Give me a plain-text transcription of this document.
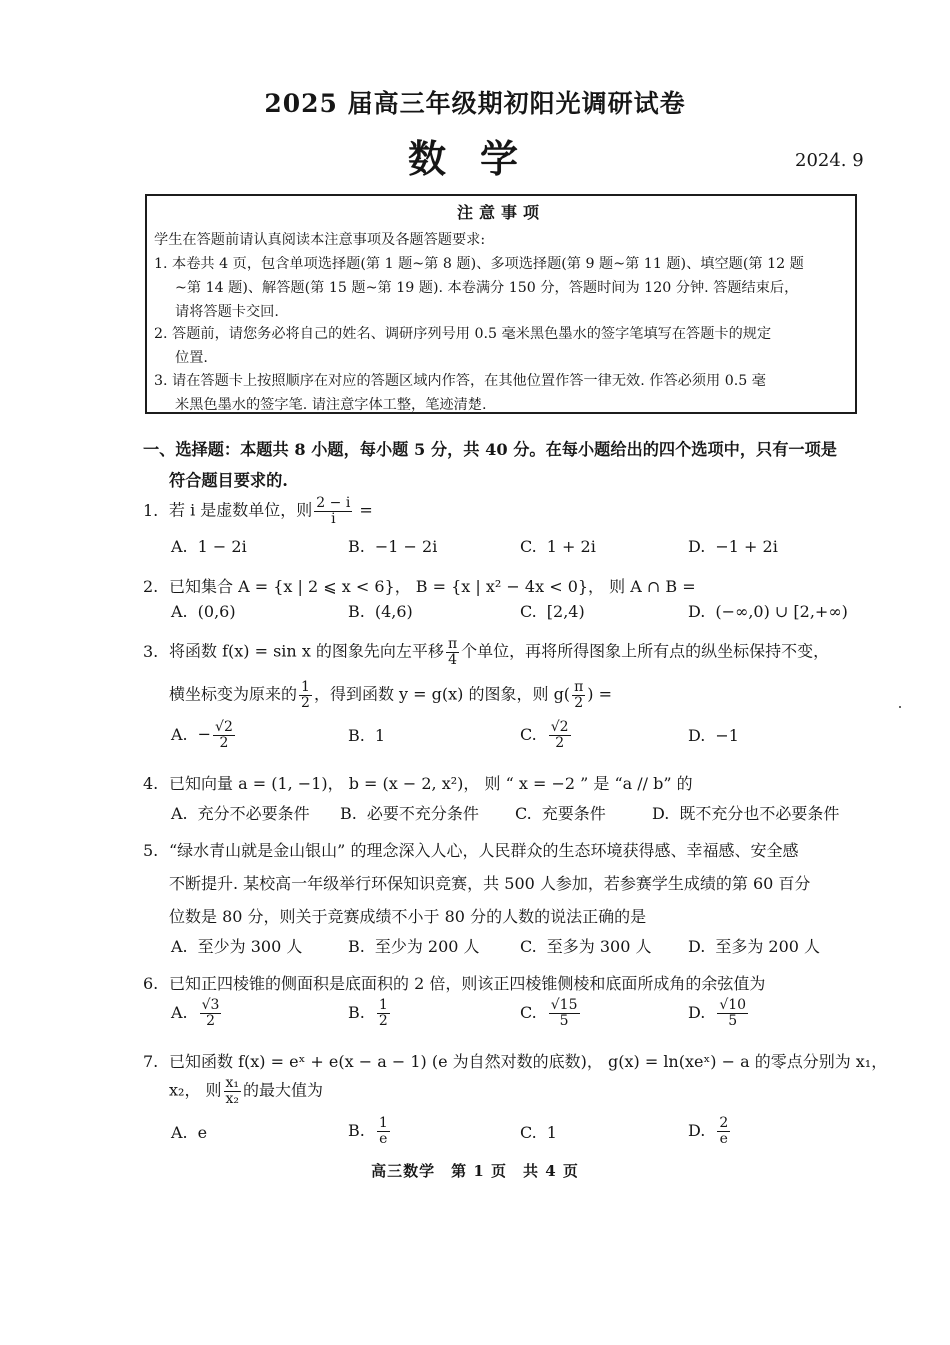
2025 届高三年级期初阳光调研试卷
数学	2024. 9
注意事项
学生在答题前请认真阅读本注意事项及各题答题要求:
1. 本卷共 4 页，包含单项选择题(第 1 题~第 8 题)、多项选择题(第 9 题~第 11 题)、填空题(第 12 题
~第 14 题)、解答题(第 15 题~第 19 题). 本卷满分 150 分，答题时间为 120 分钟. 答题结束后，
请将答题卡交回.
2. 答题前，请您务必将自己的姓名、调研序列号用 0.5 毫米黑色墨水的签字笔填写在答题卡的规定
位置.
3. 请在答题卡上按照顺序在对应的答题区域内作答，在其他位置作答一律无效. 作答必须用 0.5 毫
米黑色墨水的签字笔. 请注意字体工整，笔迹清楚.
一、选择题：本题共 8 小题，每小题 5 分，共 40 分。在每小题给出的四个选项中，只有一项是
符合题目要求的.
1. 若 i 是虚数单位，则 $\frac{2 - i}{i}$ =
A. 1 − 2i	B. −1 − 2i	C. 1 + 2i	D. −1 + 2i
2. 已知集合 A = {x | 2 ⩽ x < 6}， B = {x | x² − 4x < 0}， 则 A ∩ B =
A. (0,6)	B. (4,6)	C. [2,4)	D. (−∞,0) ∪ [2,+∞)
3. 将函数 f(x) = sin x 的图象先向左平移 $\frac{\pi}{4}$ 个单位，再将所得图象上所有点的纵坐标保持不变，
横坐标变为原来的 $\frac{1}{2}$ ，得到函数 y = g(x) 的图象，则 $g( \frac{\pi}{2}$ ) =
A. − $\frac{√2}{2}$	B. 1	C. $\frac{√2}{2}$	D. −1
4. 已知向量 a = (1, −1)， b = (x − 2, x²)， 则 “ x = −2 ” 是 “a // b” 的
A. 充分不必要条件 B. 必要不充分条件 C. 充要条件	D. 既不充分也不必要条件
5. “绿水青山就是金山银山” 的理念深入人心，人民群众的生态环境获得感、幸福感、安全感
不断提升. 某校高一年级举行环保知识竞赛，共 500 人参加，若参赛学生成绩的第 60 百分
位数是 80 分，则关于竞赛成绩不小于 80 分的人数的说法正确的是
A. 至少为 300 人	B. 至少为 200 人	C. 至多为 300 人 D. 至多为 200 人
6. 已知正四棱锥的侧面积是底面积的 2 倍，则该正四棱锥侧棱和底面所成角的余弦值为
A. $\frac{√3}{2}$	B. $\frac{1}{2}$	C. $\frac{√15}{5}$	D. $\frac{√10}{5}$
7. 已知函数 f(x) = eˣ + e(x − a − 1) (e 为自然对数的底数)， g(x) = ln(xeˣ) − a 的零点分别为 x₁，
x₂， 则 $\frac{\text{x₁}}{\text{x₂}}$ 的最大值为
A. e	B. $\frac{1}{e}$	C. 1	D. $\frac{2}{e}$
高三数学　第 1 页　共 4 页
